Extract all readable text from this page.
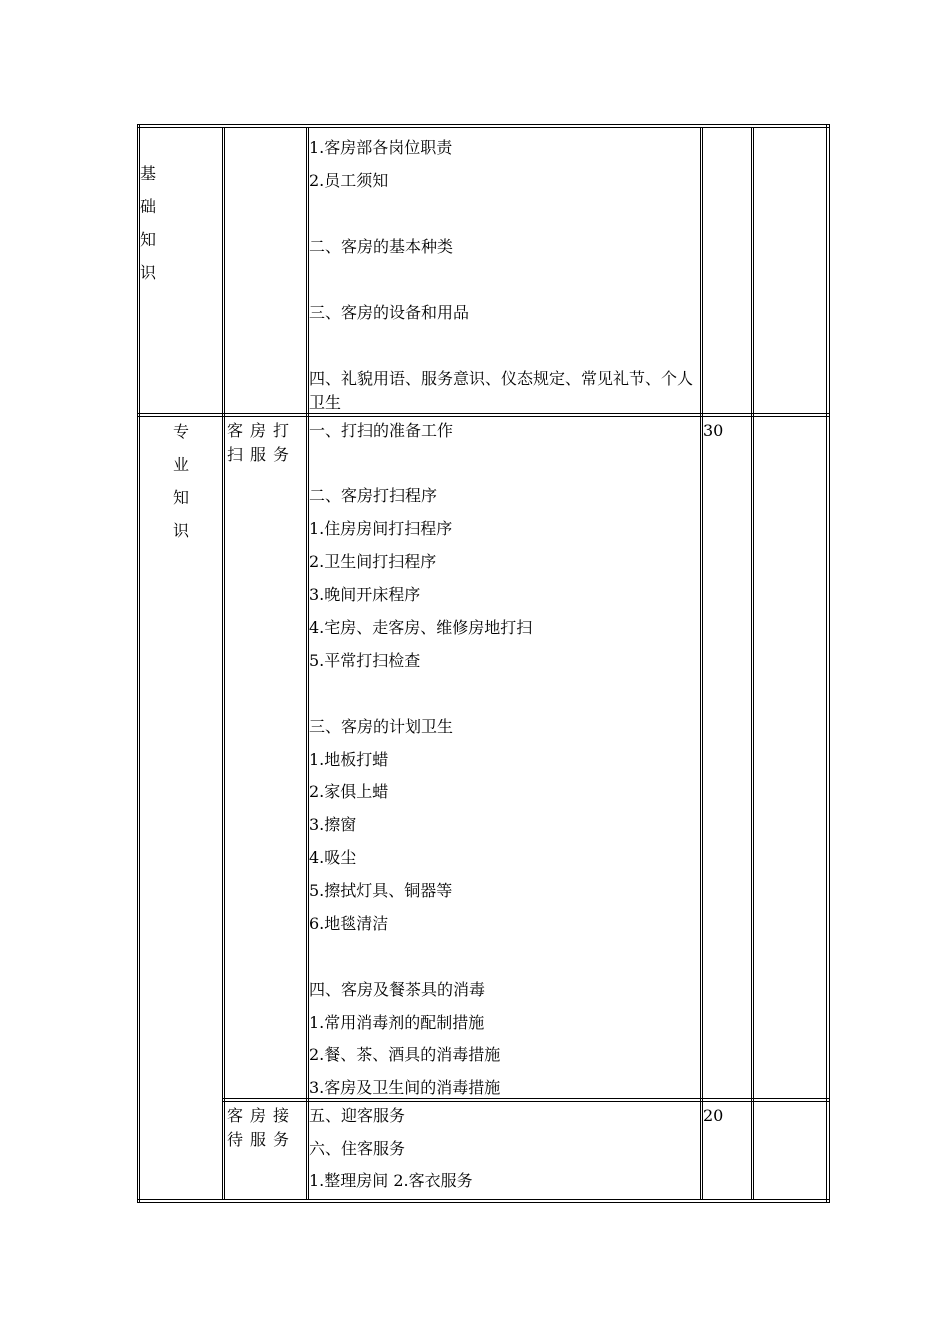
基
础
知
识
1.客房部各岗位职责
2.员工须知
二、客房的基本种类
三、客房的设备和用品
四、礼貌用语、服务意识、仪态规定、常见礼节、个人卫生
专
业
知
识
客房打扫服务
30
一、打扫的准备工作
二、客房打扫程序
1.住房房间打扫程序
2.卫生间打扫程序
3.晚间开床程序
4.宅房、走客房、维修房地打扫
5.平常打扫检查
三、客房的计划卫生
1.地板打蜡
2.家俱上蜡
3.擦窗
4.吸尘
5.擦拭灯具、铜器等
6.地毯清洁
四、客房及餐茶具的消毒
1.常用消毒剂的配制措施
2.餐、茶、酒具的消毒措施
3.客房及卫生间的消毒措施
客房接待服务
20
五、迎客服务
六、住客服务
1.整理房间 2.客衣服务
